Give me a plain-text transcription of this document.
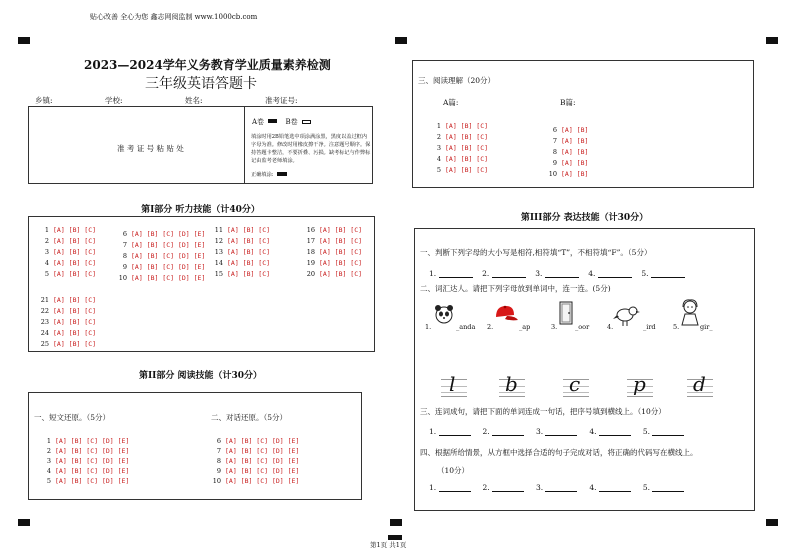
贴心改善 全心为您 鑫志网阅监制 www.1000cb.com
2023—2024学年义务教育学业质量素养检测
三年级英语答题卡
乡镇:	学校:	姓名:	准考证号:
准 考 证 号 粘 贴 处
A卷	B卷
填涂时用2B铅笔选中项涂满涂黑，黑度以盖过框内字母为准。修改时用橡皮擦干净。注意题号顺序。保持答题卡整洁，不要折叠、污损。缺考标记与作弊标记由监考老师填涂。
正确填涂:
第I部分 听力技能（计40分）
1 [A] [B] [C]
2 [A] [B] [C]
3 [A] [B] [C]
4 [A] [B] [C]
5 [A] [B] [C]
6 [A] [B] [C] [D] [E]
7 [A] [B] [C] [D] [E]
8 [A] [B] [C] [D] [E]
9 [A] [B] [C] [D] [E]
10 [A] [B] [C] [D] [E]
11 [A] [B] [C]
12 [A] [B] [C]
13 [A] [B] [C]
14 [A] [B] [C]
15 [A] [B] [C]
16 [A] [B] [C]
17 [A] [B] [C]
18 [A] [B] [C]
19 [A] [B] [C]
20 [A] [B] [C]
21 [A] [B] [C]
22 [A] [B] [C]
23 [A] [B] [C]
24 [A] [B] [C]
25 [A] [B] [C]
第II部分 阅读技能（计30分）
一、短文还原。（5分）	二、对话还原。（5分）
1 [A] [B] [C] [D] [E]
2 [A] [B] [C] [D] [E]
3 [A] [B] [C] [D] [E]
4 [A] [B] [C] [D] [E]
5 [A] [B] [C] [D] [E]
6 [A] [B] [C] [D] [E]
7 [A] [B] [C] [D] [E]
8 [A] [B] [C] [D] [E]
9 [A] [B] [C] [D] [E]
10 [A] [B] [C] [D] [E]
三、阅读理解（20分）
A篇:	B篇:
1 [A] [B] [C]
2 [A] [B] [C]
3 [A] [B] [C]
4 [A] [B] [C]
5 [A] [B] [C]
6 [A] [B]
7 [A] [B]
8 [A] [B]
9 [A] [B]
10 [A] [B]
第III部分 表达技能（计30分）
一、判断下列字母的大小写是相符,相符填“T”，不相符填“F”。（5分）
1.	2.	3.	4.	5.
二、词汇达人。请把下列字母放到单词中，连一连。(5分)
1.	_anda 2.	_ap	3.	_oor	4.	_ird	5.	gir_
l b	c	p d
三、连词成句，请把下面的单词连成一句话，把序号填到横线上。（10分）
1.	2.	3.	4.	5.
四、根据所给情景，从方框中选择合适的句子完成对话，将正确的代码写在横线上。
（10分）
1.	2.	3.	4.	5.
第1页 共1页
